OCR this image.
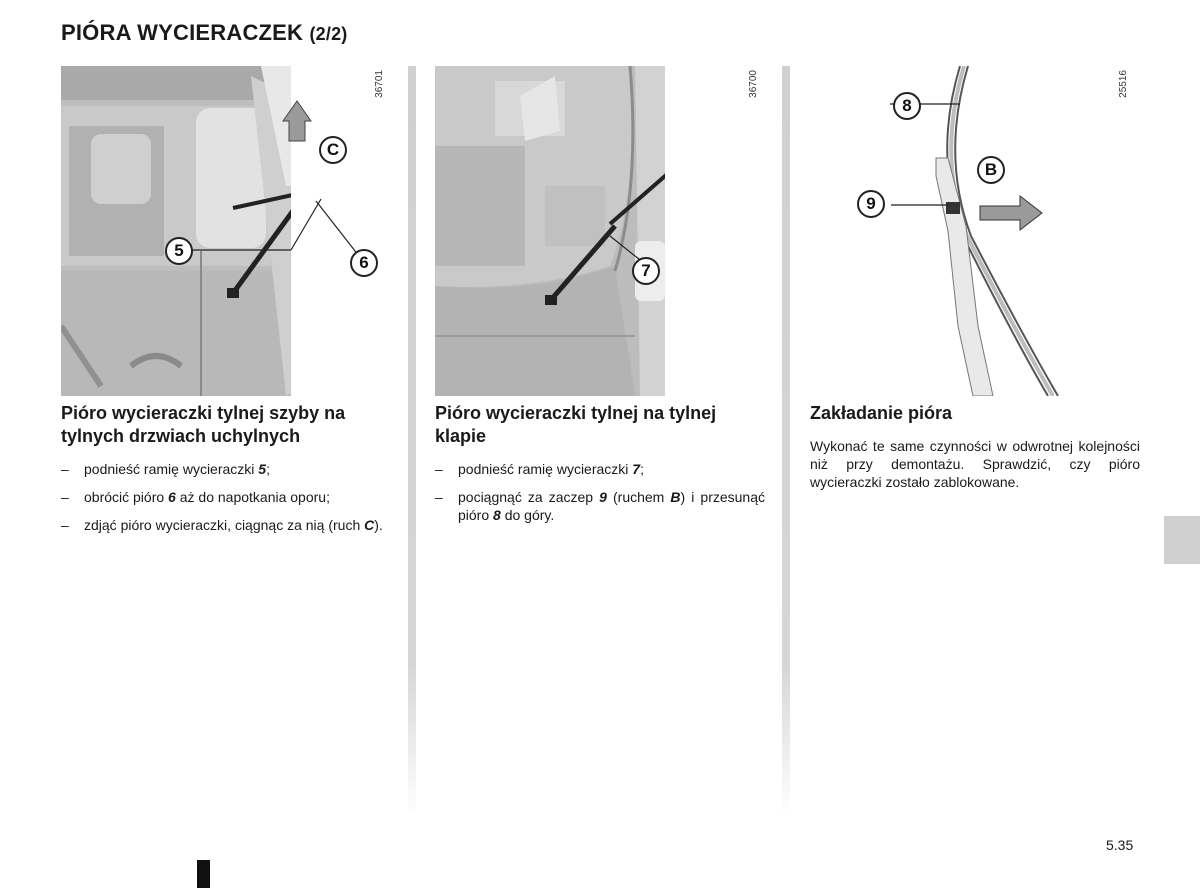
PIÓRA WYCIERACZEK (2/2)
36701
C
5
6
36700
7
25516
8
9
B
Pióro wycieraczki tylnej szyby na tylnych drzwiach uchylnych
– podnieść ramię wycieraczki 5;
– obrócić pióro 6 aż do napotkania oporu;
– zdjąć pióro wycieraczki, ciągnąc za nią (ruch C).
Pióro wycieraczki tylnej na tylnej klapie
– podnieść ramię wycieraczki 7;
– pociągnąć za zaczep 9 (ruchem B) i przesunąć pióro 8 do góry.
Zakładanie pióra

Wykonać te same czynności w odwrotnej kolejności niż przy demontażu. Sprawdzić, czy pióro wycieraczki zostało zablokowane.

5.35
